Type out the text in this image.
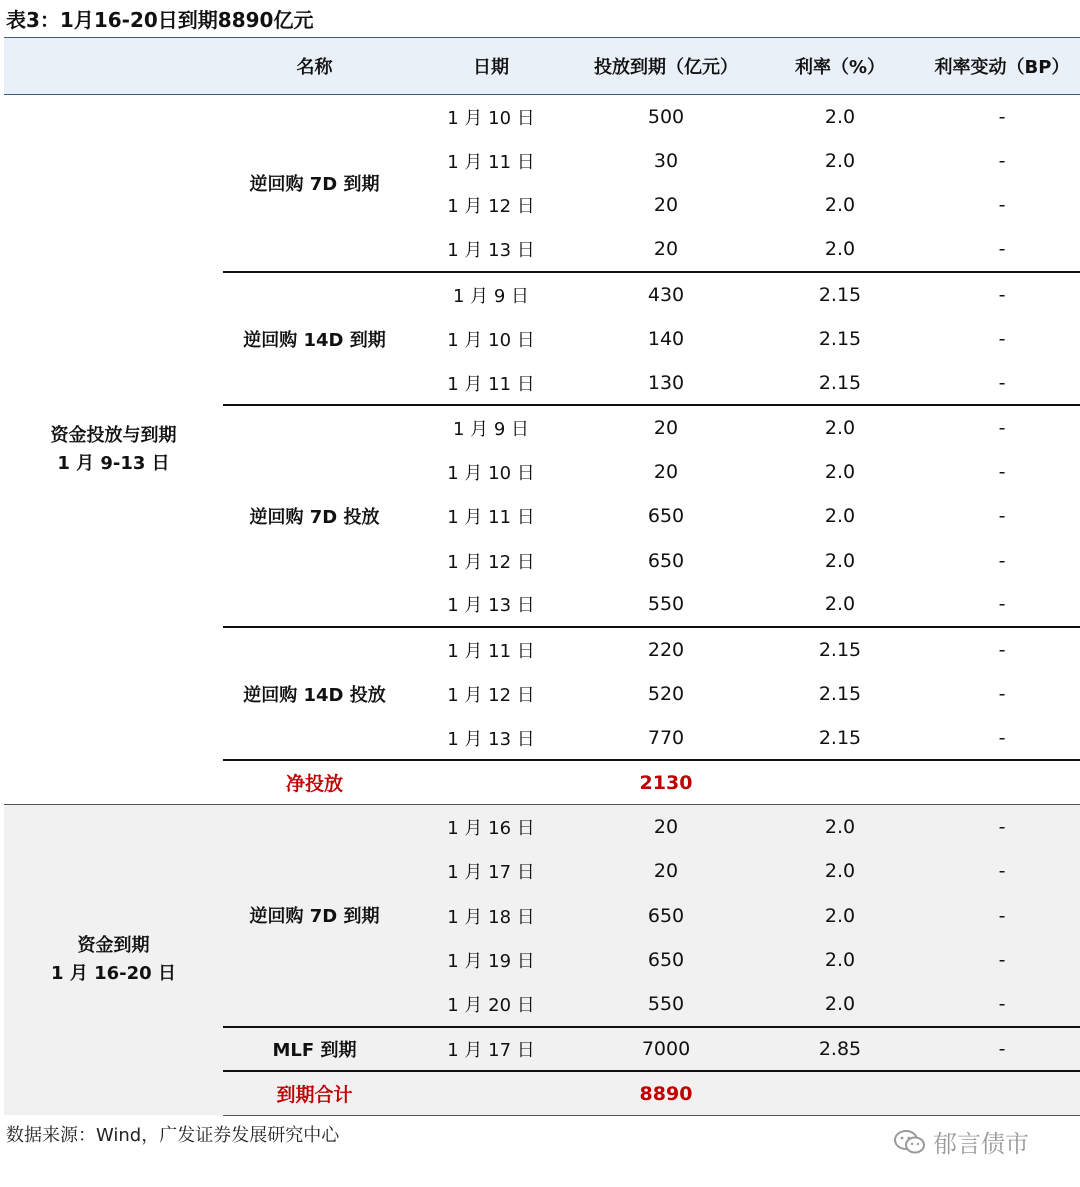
表3：1月16-20日到期8890亿元
	名称	日期	投放到期（亿元）	利率（%）	利率变动（BP）

资金投放与到期
1 月 9-13 日	逆回购 7D 到期	1 月 10 日	500	2.0	-
		1 月 11 日	30	2.0	-
		1 月 12 日	20	2.0	-
		1 月 13 日	20	2.0	-
	逆回购 14D 到期	1 月 9 日	430	2.15	-
		1 月 10 日	140	2.15	-
		1 月 11 日	130	2.15	-
	逆回购 7D 投放	1 月 9 日	20	2.0	-
		1 月 10 日	20	2.0	-
		1 月 11 日	650	2.0	-
		1 月 12 日	650	2.0	-
		1 月 13 日	550	2.0	-
	逆回购 14D 投放	1 月 11 日	220	2.15	-
		1 月 12 日	520	2.15	-
		1 月 13 日	770	2.15	-
	净投放		2130		

资金到期
1 月 16-20 日	逆回购 7D 到期	1 月 16 日	20	2.0	-
		1 月 17 日	20	2.0	-
		1 月 18 日	650	2.0	-
		1 月 19 日	650	2.0	-
		1 月 20 日	550	2.0	-
	MLF 到期	1 月 17 日	7000	2.85	-
	到期合计		8890		
数据来源：Wind，广发证券发展研究中心	郁言债市
